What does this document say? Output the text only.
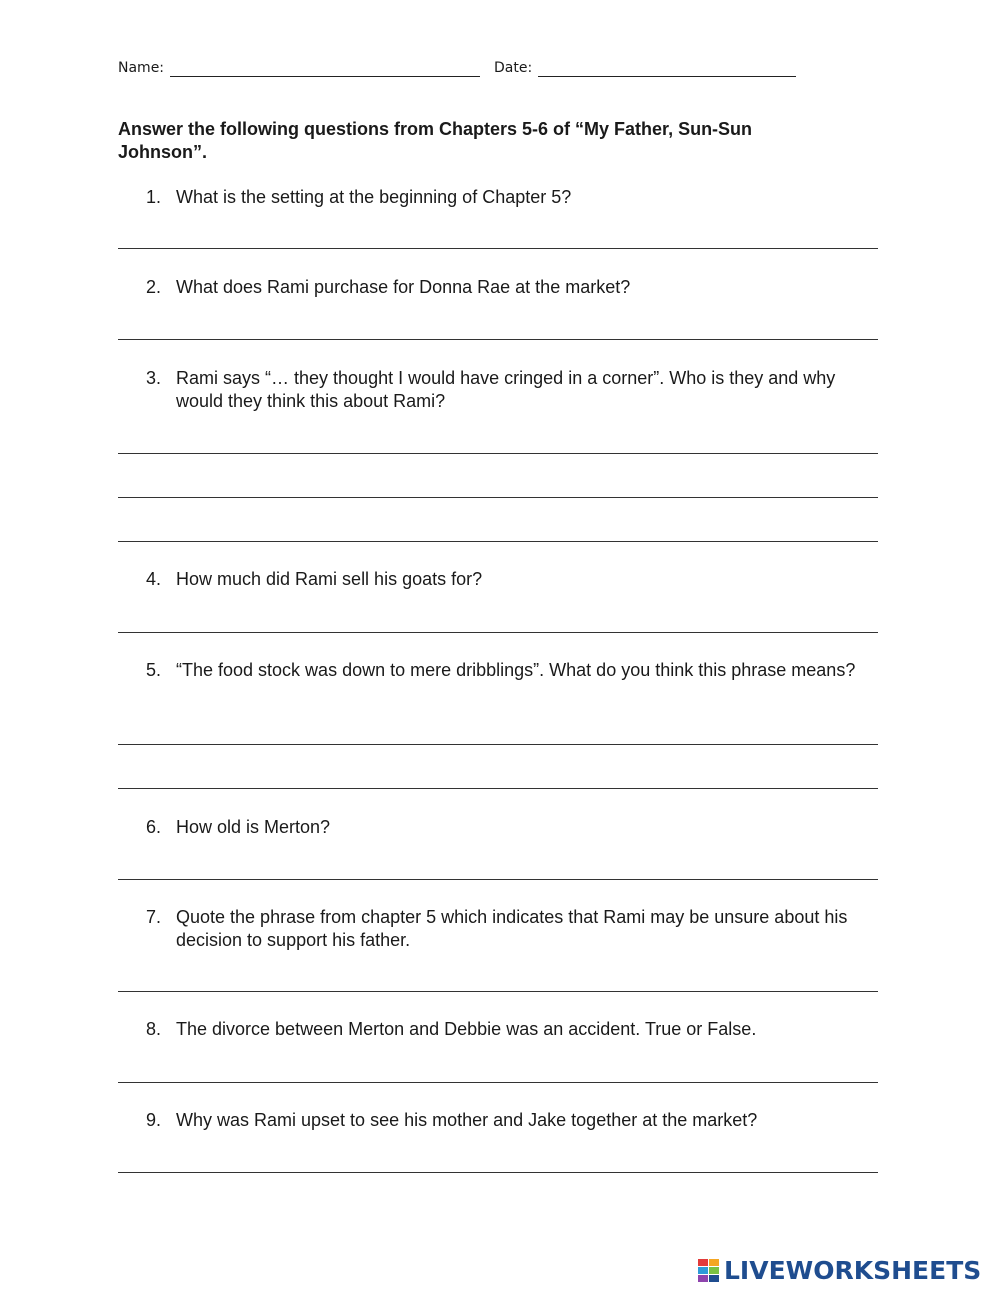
Name:	Date:
Answer the following questions from Chapters 5-6 of “My Father, Sun-Sun Johnson”.
1. What is the setting at the beginning of Chapter 5?
2. What does Rami purchase for Donna Rae at the market?
3. Rami says “… they thought I would have cringed in a corner”. Who is they and why would they think this about Rami?
4. How much did Rami sell his goats for?
5. “The food stock was down to mere dribblings”. What do you think this phrase means?
6. How old is Merton?
7. Quote the phrase from chapter 5 which indicates that Rami may be unsure about his decision to support his father.
8. The divorce between Merton and Debbie was an accident. True or False.
9. Why was Rami upset to see his mother and Jake together at the market?
LIVEWORKSHEETS
